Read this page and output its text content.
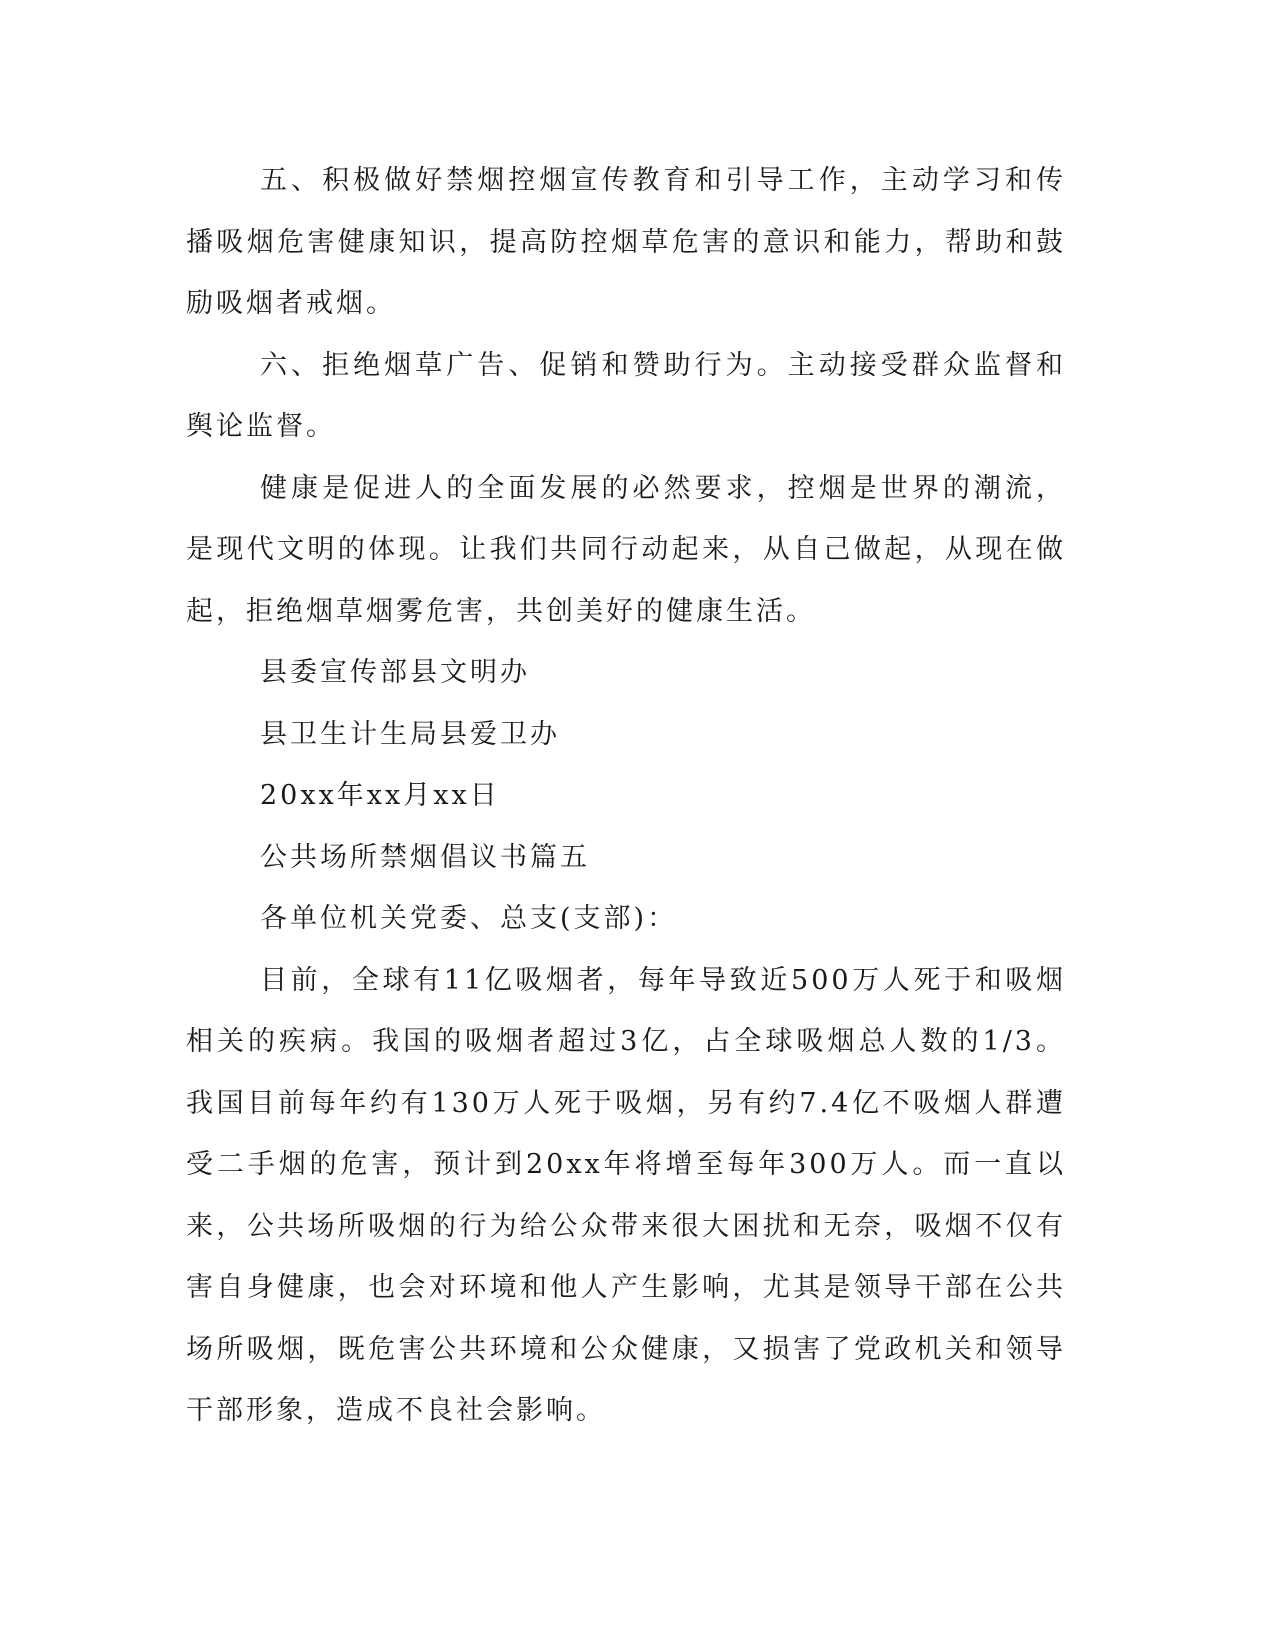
五、积极做好禁烟控烟宣传教育和引导工作，主动学习和传播吸烟危害健康知识，提高防控烟草危害的意识和能力，帮助和鼓励吸烟者戒烟。

六、拒绝烟草广告、促销和赞助行为。主动接受群众监督和舆论监督。

健康是促进人的全面发展的必然要求，控烟是世界的潮流，是现代文明的体现。让我们共同行动起来，从自己做起，从现在做起，拒绝烟草烟雾危害，共创美好的健康生活。

县委宣传部县文明办

县卫生计生局县爱卫办

20xx年xx月xx日

公共场所禁烟倡议书篇五

各单位机关党委、总支(支部)：

目前，全球有11亿吸烟者，每年导致近500万人死于和吸烟相关的疾病。我国的吸烟者超过3亿，占全球吸烟总人数的1/3。我国目前每年约有130万人死于吸烟，另有约7.4亿不吸烟人群遭受二手烟的危害，预计到20xx年将增至每年300万人。而一直以来，公共场所吸烟的行为给公众带来很大困扰和无奈，吸烟不仅有害自身健康，也会对环境和他人产生影响，尤其是领导干部在公共场所吸烟，既危害公共环境和公众健康，又损害了党政机关和领导干部形象，造成不良社会影响。
